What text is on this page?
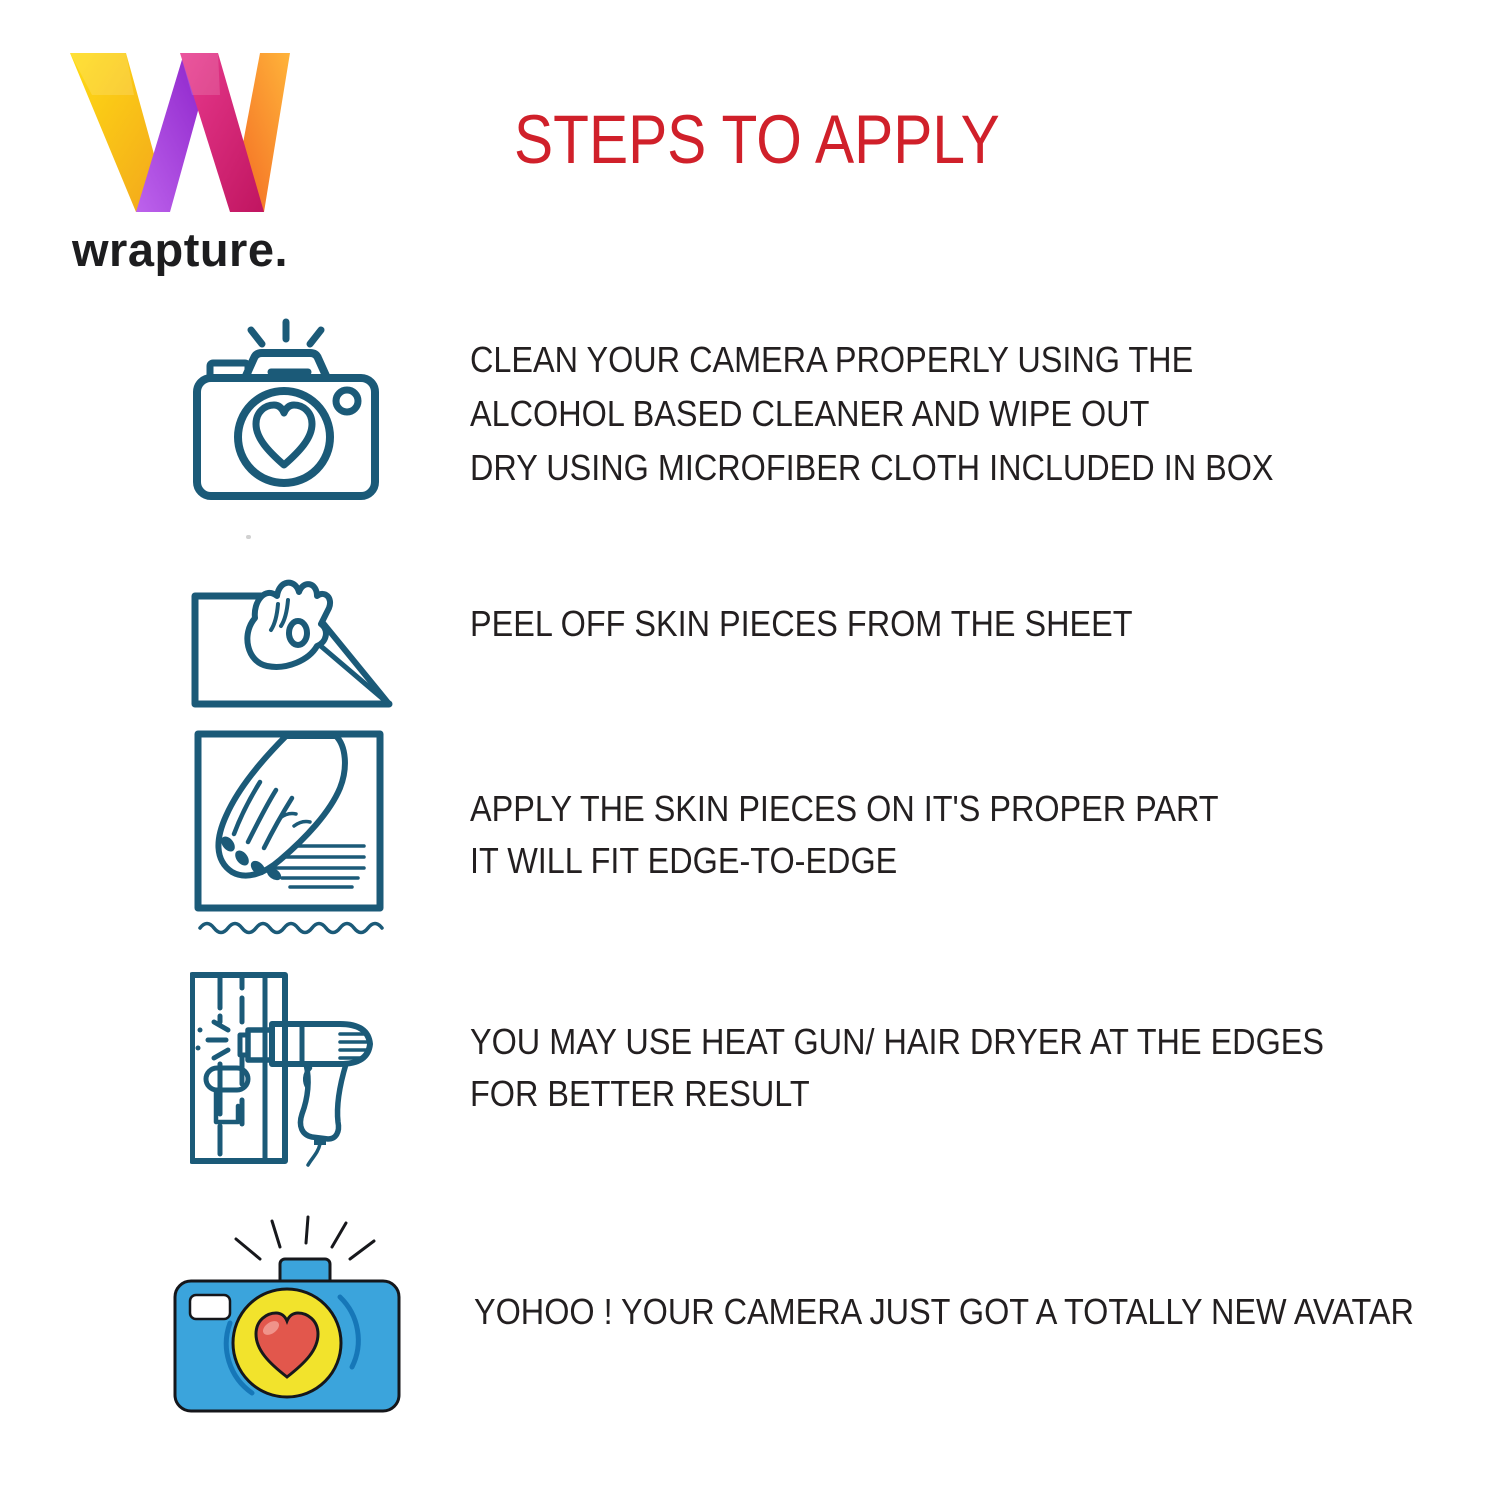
wrapture.
STEPS TO APPLY
CLEAN YOUR CAMERA PROPERLY USING THE
ALCOHOL BASED CLEANER AND WIPE OUT
DRY USING MICROFIBER CLOTH INCLUDED IN BOX
PEEL OFF SKIN PIECES FROM THE SHEET
APPLY THE SKIN PIECES ON IT'S PROPER PART
IT WILL FIT EDGE-TO-EDGE
YOU MAY USE HEAT GUN/ HAIR DRYER AT THE EDGES
FOR BETTER RESULT
YOHOO ! YOUR CAMERA JUST GOT A TOTALLY NEW AVATAR
